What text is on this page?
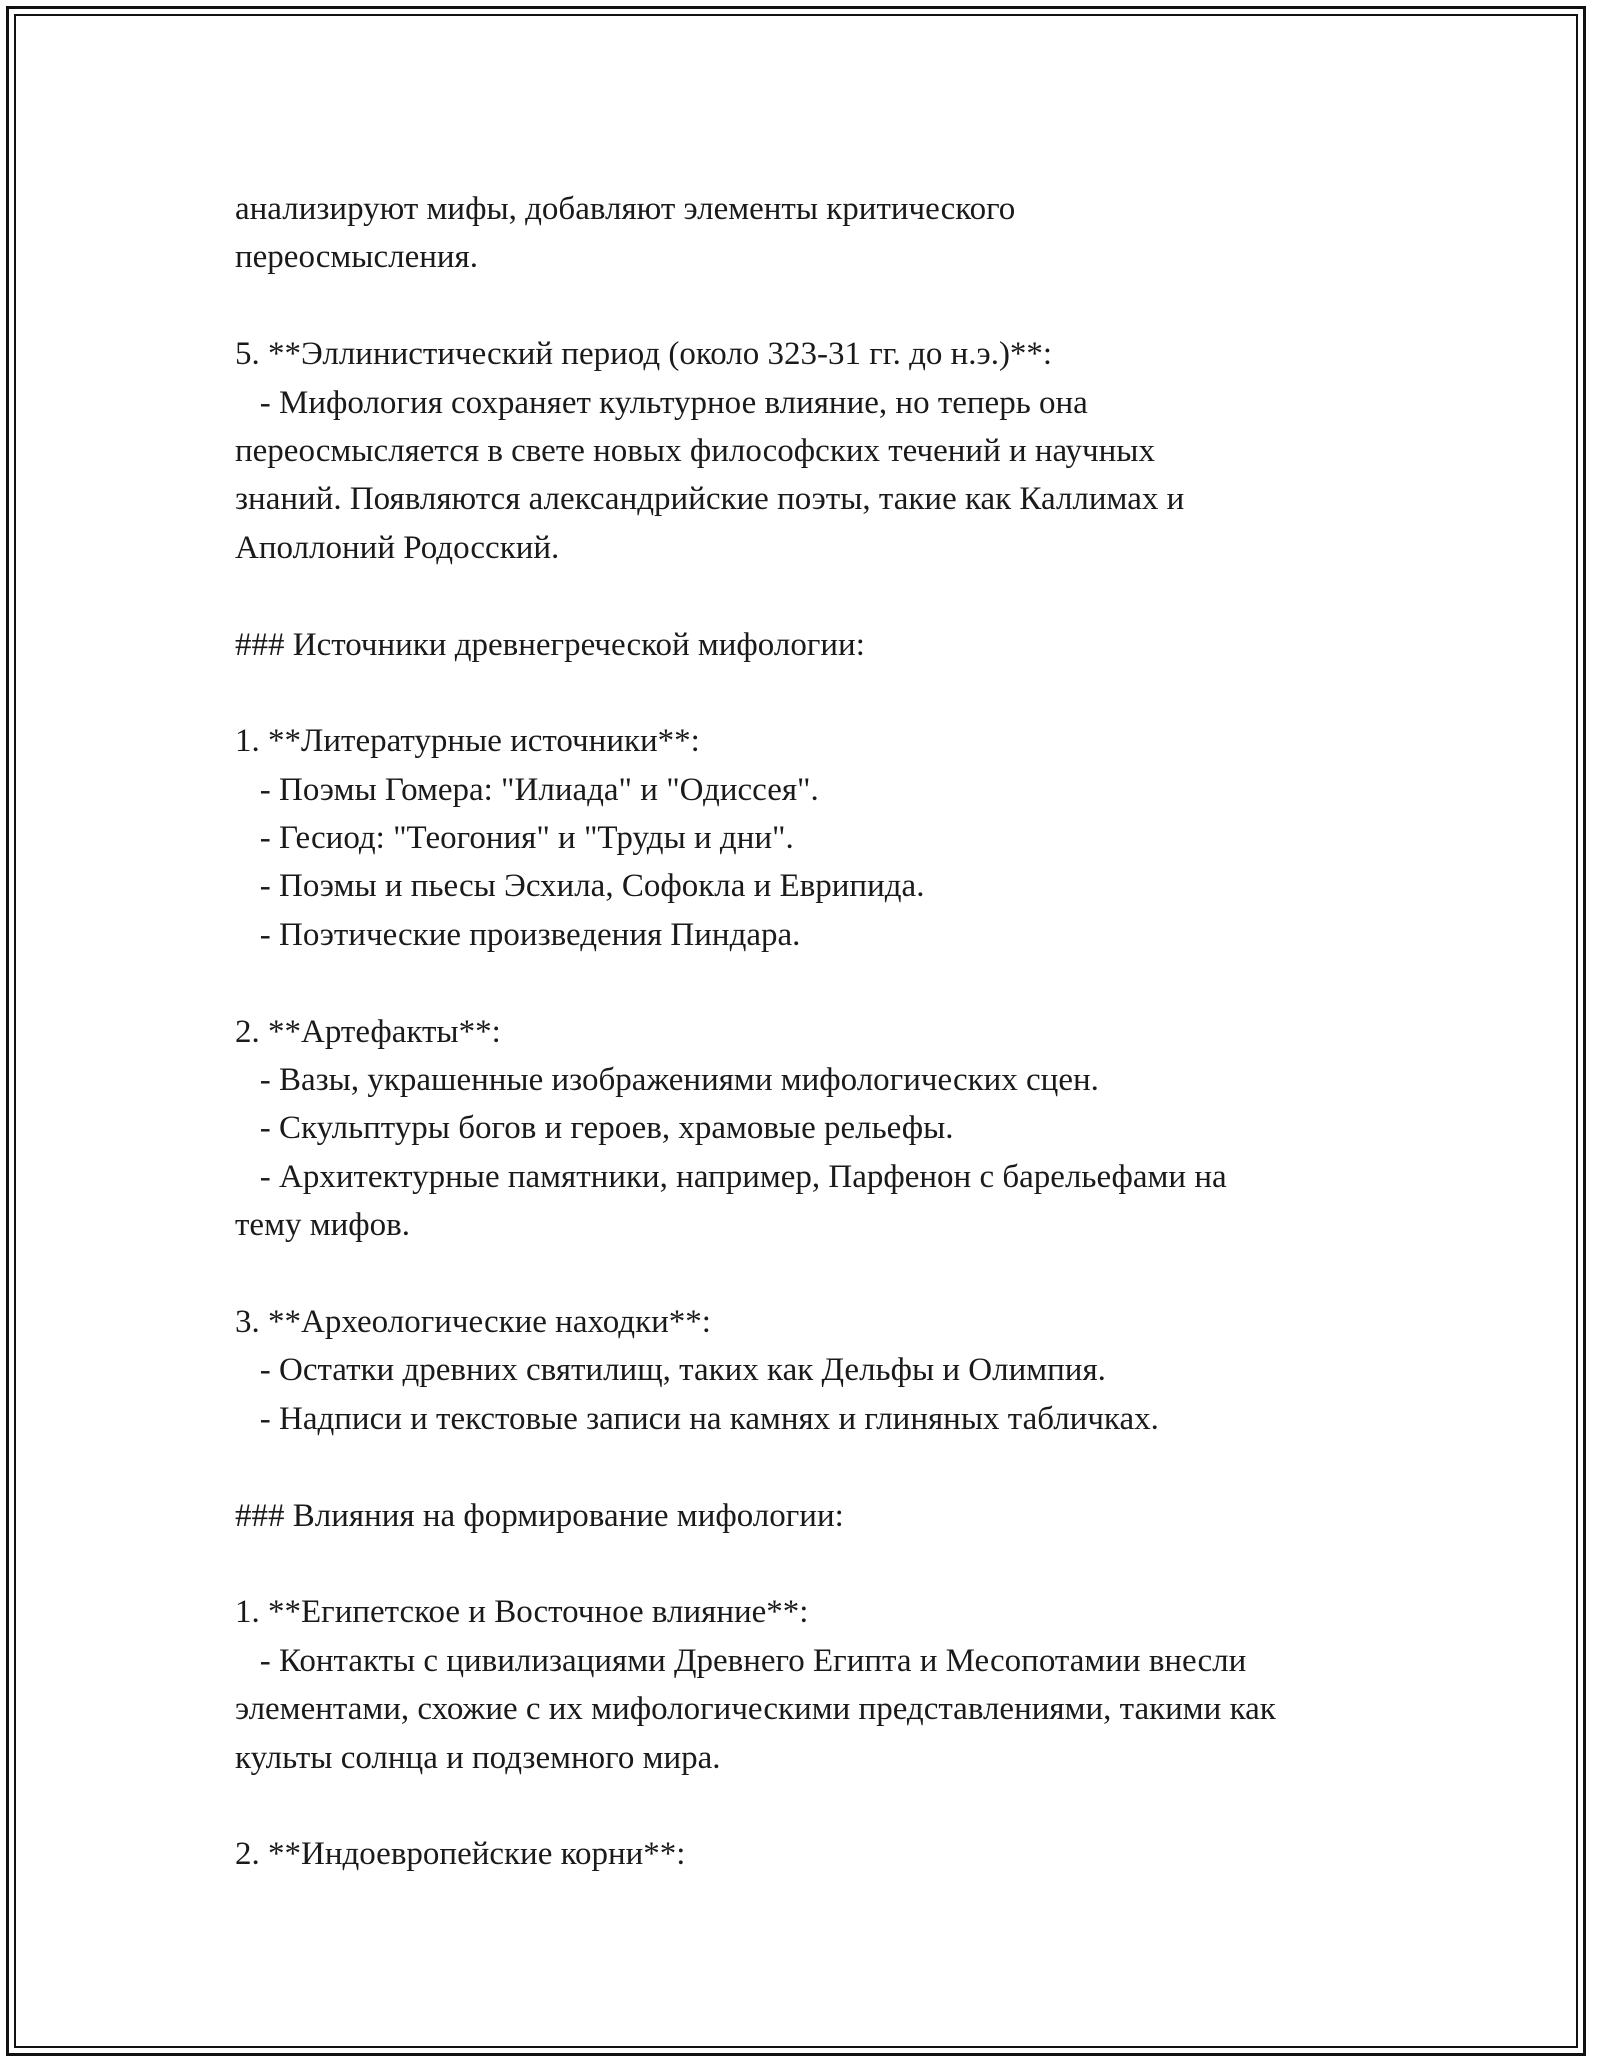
анализируют мифы, добавляют элементы критического
переосмысления.
5. **Эллинистический период (около 323-31 гг. до н.э.)**:
- Мифология сохраняет культурное влияние, но теперь она
переосмысляется в свете новых философских течений и научных
знаний. Появляются александрийские поэты, такие как Каллимах и
Аполлоний Родосский.
### Источники древнегреческой мифологии:
1. **Литературные источники**:
- Поэмы Гомера: "Илиада" и "Одиссея".
- Гесиод: "Теогония" и "Труды и дни".
- Поэмы и пьесы Эсхила, Софокла и Еврипида.
- Поэтические произведения Пиндара.
2. **Артефакты**:
- Вазы, украшенные изображениями мифологических сцен.
- Скульптуры богов и героев, храмовые рельефы.
- Архитектурные памятники, например, Парфенон с барельефами на
тему мифов.
3. **Археологические находки**:
- Остатки древних святилищ, таких как Дельфы и Олимпия.
- Надписи и текстовые записи на камнях и глиняных табличках.
### Влияния на формирование мифологии:
1. **Египетское и Восточное влияние**:
- Контакты с цивилизациями Древнего Египта и Месопотамии внесли
элементами, схожие с их мифологическими представлениями, такими как
культы солнца и подземного мира.
2. **Индоевропейские корни**:
